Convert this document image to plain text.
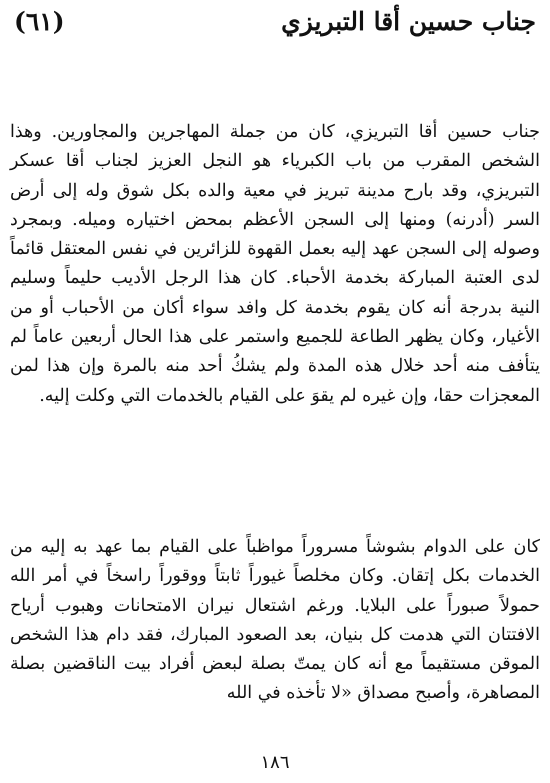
جناب حسين أقا التبريزي
(٦١)

جناب حسين أقا التبريزي، كان من جملة المهاجرين والمجاورين. وهذا الشخص المقرب من باب الكبرياء هو النجل العزيز لجناب أقا عسكر التبريزي، وقد بارح مدينة تبريز في معية والده بكل شوق وله إلى أرض السر (أدرنه) ومنها إلى السجن الأعظم بمحض اختياره وميله. وبمجرد وصوله إلى السجن عهد إليه بعمل القهوة للزائرين في نفس المعتقل قائماً لدى العتبة المباركة بخدمة الأحباء. كان هذا الرجل الأديب حليماً وسليم النية بدرجة أنه كان يقوم بخدمة كل وافد سواء أكان من الأحباب أو من الأغيار، وكان يظهر الطاعة للجميع واستمر على هذا الحال أربعين عاماً لم يتأفف منه أحد خلال هذه المدة ولم يشكُ أحد منه بالمرة وإن هذا لمن المعجزات حقا، وإن غيره لم يقوَ على القيام بالخدمات التي وكلت إليه.

كان على الدوام بشوشاً مسروراً مواظباً على القيام بما عهد به إليه من الخدمات بكل إتقان. وكان مخلصاً غيوراً ثابتاً ووقوراً راسخاً في أمر الله حمولاً صبوراً على البلايا. ورغم اشتعال نيران الامتحانات وهبوب أرياح الافتتان التي هدمت كل بنيان، بعد الصعود المبارك، فقد دام هذا الشخص الموقن مستقيماً مع أنه كان يمتّ بصلة لبعض أفراد بيت الناقضين بصلة المصاهرة، وأصبح مصداق «لا تأخذه في الله

١٨٦
